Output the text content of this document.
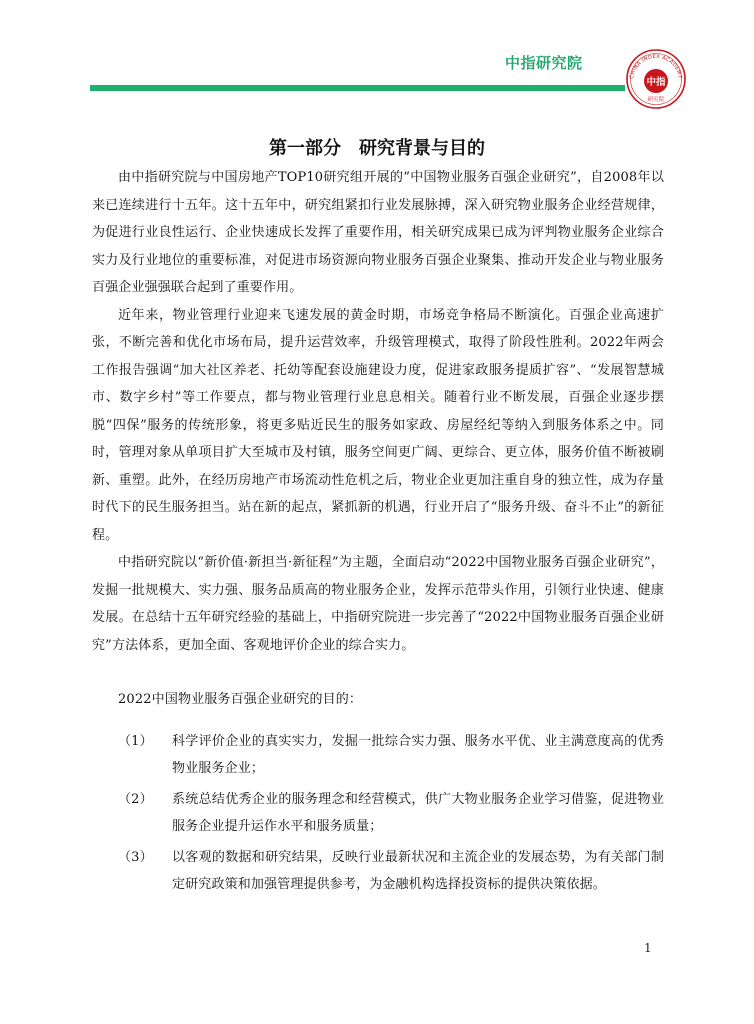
中指研究院
CHINA INDEX ACADEMY
中指
研究院
第一部分　研究背景与目的

由中指研究院与中国房地产TOP10研究组开展的“中国物业服务百强企业研究”，自2008年以来已连续进行十五年。这十五年中，研究组紧扣行业发展脉搏，深入研究物业服务企业经营规律，为促进行业良性运行、企业快速成长发挥了重要作用，相关研究成果已成为评判物业服务企业综合实力及行业地位的重要标准，对促进市场资源向物业服务百强企业聚集、推动开发企业与物业服务百强企业强强联合起到了重要作用。

近年来，物业管理行业迎来飞速发展的黄金时期，市场竞争格局不断演化。百强企业高速扩张，不断完善和优化市场布局，提升运营效率，升级管理模式，取得了阶段性胜利。2022年两会工作报告强调“加大社区养老、托幼等配套设施建设力度，促进家政服务提质扩容”、“发展智慧城市、数字乡村”等工作要点，都与物业管理行业息息相关。随着行业不断发展，百强企业逐步摆脱“四保”服务的传统形象，将更多贴近民生的服务如家政、房屋经纪等纳入到服务体系之中。同时，管理对象从单项目扩大至城市及村镇，服务空间更广阔、更综合、更立体，服务价值不断被刷新、重塑。此外，在经历房地产市场流动性危机之后，物业企业更加注重自身的独立性，成为存量时代下的民生服务担当。站在新的起点，紧抓新的机遇，行业开启了“服务升级、奋斗不止”的新征程。

中指研究院以“新价值·新担当·新征程”为主题，全面启动“2022中国物业服务百强企业研究”，发掘一批规模大、实力强、服务品质高的物业服务企业，发挥示范带头作用，引领行业快速、健康发展。在总结十五年研究经验的基础上，中指研究院进一步完善了“2022中国物业服务百强企业研究”方法体系，更加全面、客观地评价企业的综合实力。

2022中国物业服务百强企业研究的目的：

（1）	科学评价企业的真实实力，发掘一批综合实力强、服务水平优、业主满意度高的优秀物业服务企业；
（2）	系统总结优秀企业的服务理念和经营模式，供广大物业服务企业学习借鉴，促进物业服务企业提升运作水平和服务质量；
（3）	以客观的数据和研究结果，反映行业最新状况和主流企业的发展态势，为有关部门制定研究政策和加强管理提供参考，为金融机构选择投资标的提供决策依据。
1
